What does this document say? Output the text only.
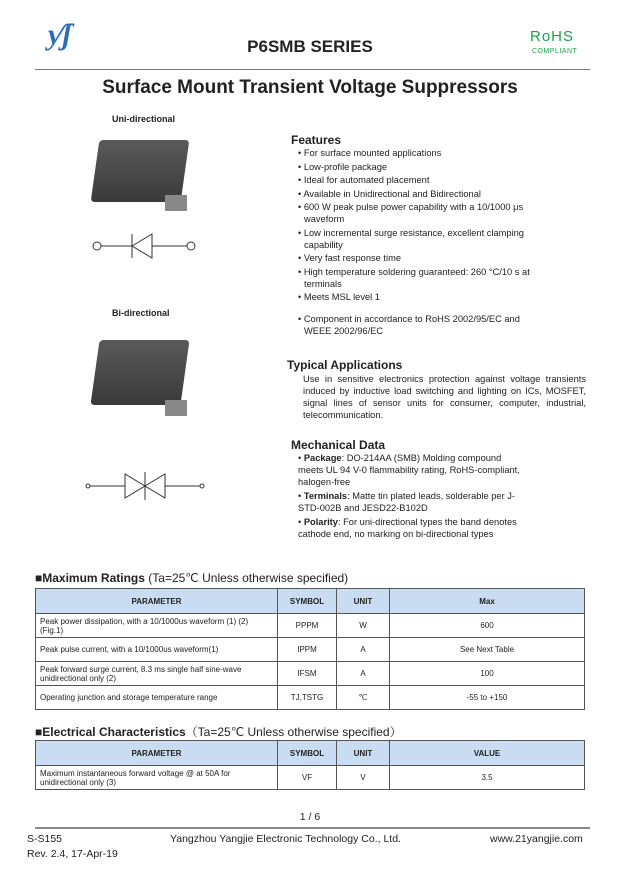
ƴʃ	P6SMB SERIES
RoHS
COMPLIANT
Surface Mount Transient Voltage Suppressors
Uni-directional
Bi-directional
Features
• For surface mounted applications
• Low-profile package
• Ideal for automated placement
• Available in Unidirectional and Bidirectional
• 600 W peak pulse power capability with a 10/1000 μs waveform
• Low incremental surge resistance, excellent clamping capability
• Very fast response time
• High temperature soldering guaranteed: 260 °C/10 s at terminals
• Meets MSL level 1
• Component in accordance to RoHS 2002/95/EC and WEEE 2002/96/EC
Typical Applications
Use in sensitive electronics protection against voltage transients induced by inductive load switching and lighting on ICs, MOSFET, signal lines of sensor units for consumer, computer, industrial, telecommunication.
Mechanical Data
• Package: DO-214AA (SMB) Molding compound meets UL 94 V-0 flammability rating, RoHS-compliant, halogen-free
• Terminals: Matte tin plated leads, solderable per J-STD-002B and JESD22-B102D
• Polarity: For uni-directional types the band denotes cathode end, no marking on bi-directional types
■Maximum Ratings (Ta=25℃ Unless otherwise specified)
PARAMETER	SYMBOL	UNIT	Max
Peak power dissipation, with a 10/1000us waveform (1) (2) (Fig.1)	PPPM	W	600
Peak pulse current, with a 10/1000us waveform(1)	IPPM	A	See Next Table
Peak forward surge current, 8.3 ms single half sine-wave unidirectional only (2)	IFSM	A	100
Operating junction and storage temperature range	TJ,TSTG	℃	-55 to +150
■Electrical Characteristics（Ta=25℃ Unless otherwise specified）
PARAMETER	SYMBOL	UNIT	VALUE
Maximum instantaneous forward voltage @ at 50A for unidirectional only (3)	VF	V	3.5
1 / 6
S-S155
Rev. 2.4, 17-Apr-19
Yangzhou Yangjie Electronic Technology Co., Ltd.	www.21yangjie.com
